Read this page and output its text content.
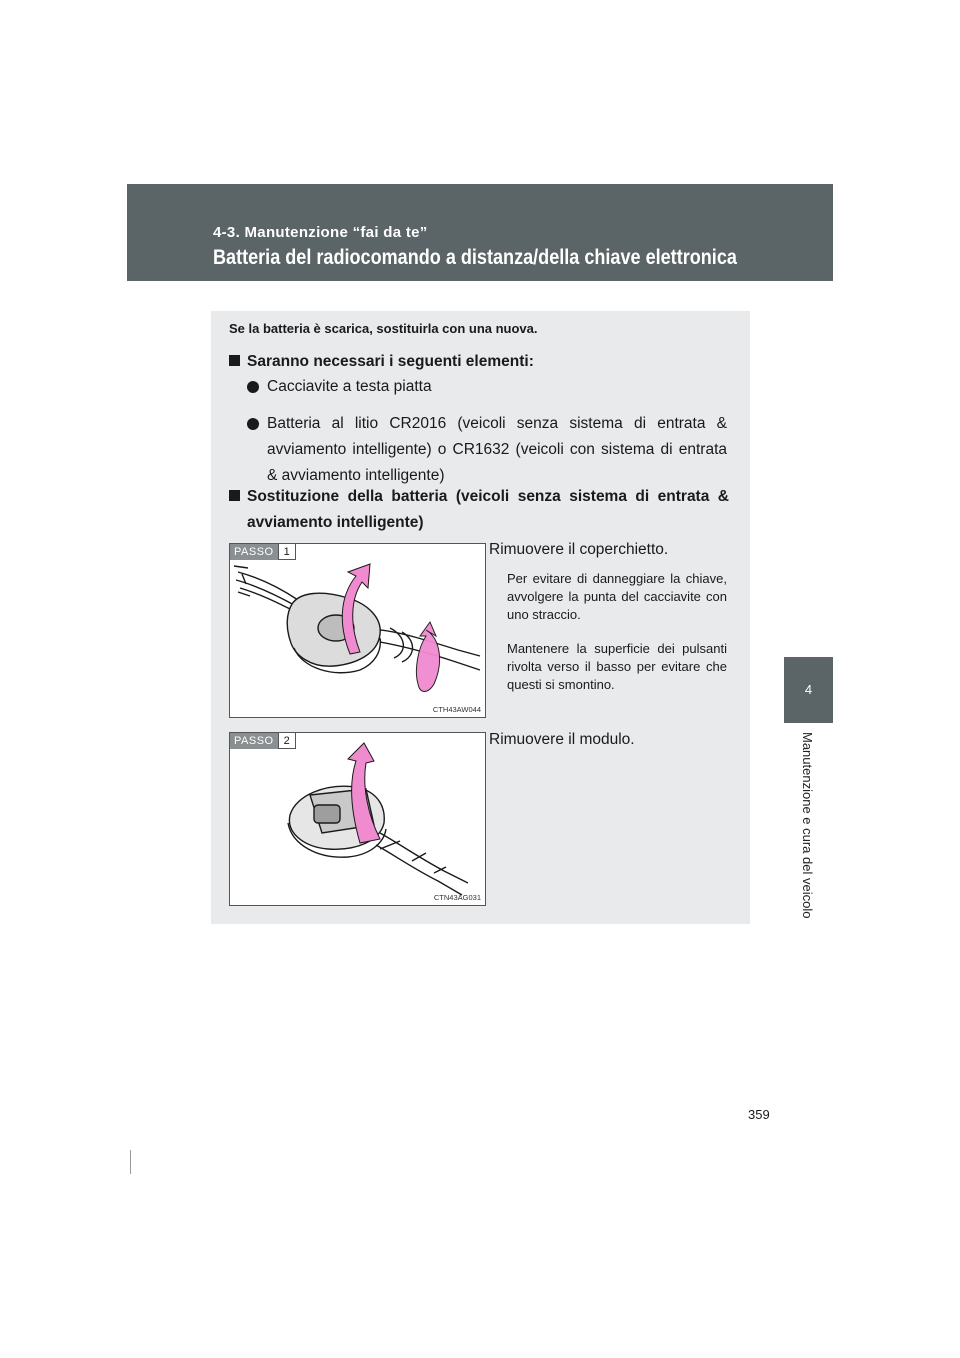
4-3. Manutenzione “fai da te”
Batteria del radiocomando a distanza/della chiave elettronica
4
Manutenzione e cura del veicolo
Se la batteria è scarica, sostituirla con una nuova.
Saranno necessari i seguenti elementi:
Cacciavite a testa piatta
Batteria al litio CR2016 (veicoli senza sistema di entrata & avviamento intelligente) o CR1632 (veicoli con sistema di entrata & avviamento intelligente)
Sostituzione della batteria (veicoli senza sistema di entrata & avviamento intelligente)
PASSO 1
CTH43AW044
Rimuovere il coperchietto.
Per evitare di danneggiare la chiave, avvolgere la punta del cacciavite con uno straccio.
Mantenere la superficie dei pulsanti rivolta verso il basso per evitare che questi si smontino.
PASSO 2
CTN43AG031
Rimuovere il modulo.
359
